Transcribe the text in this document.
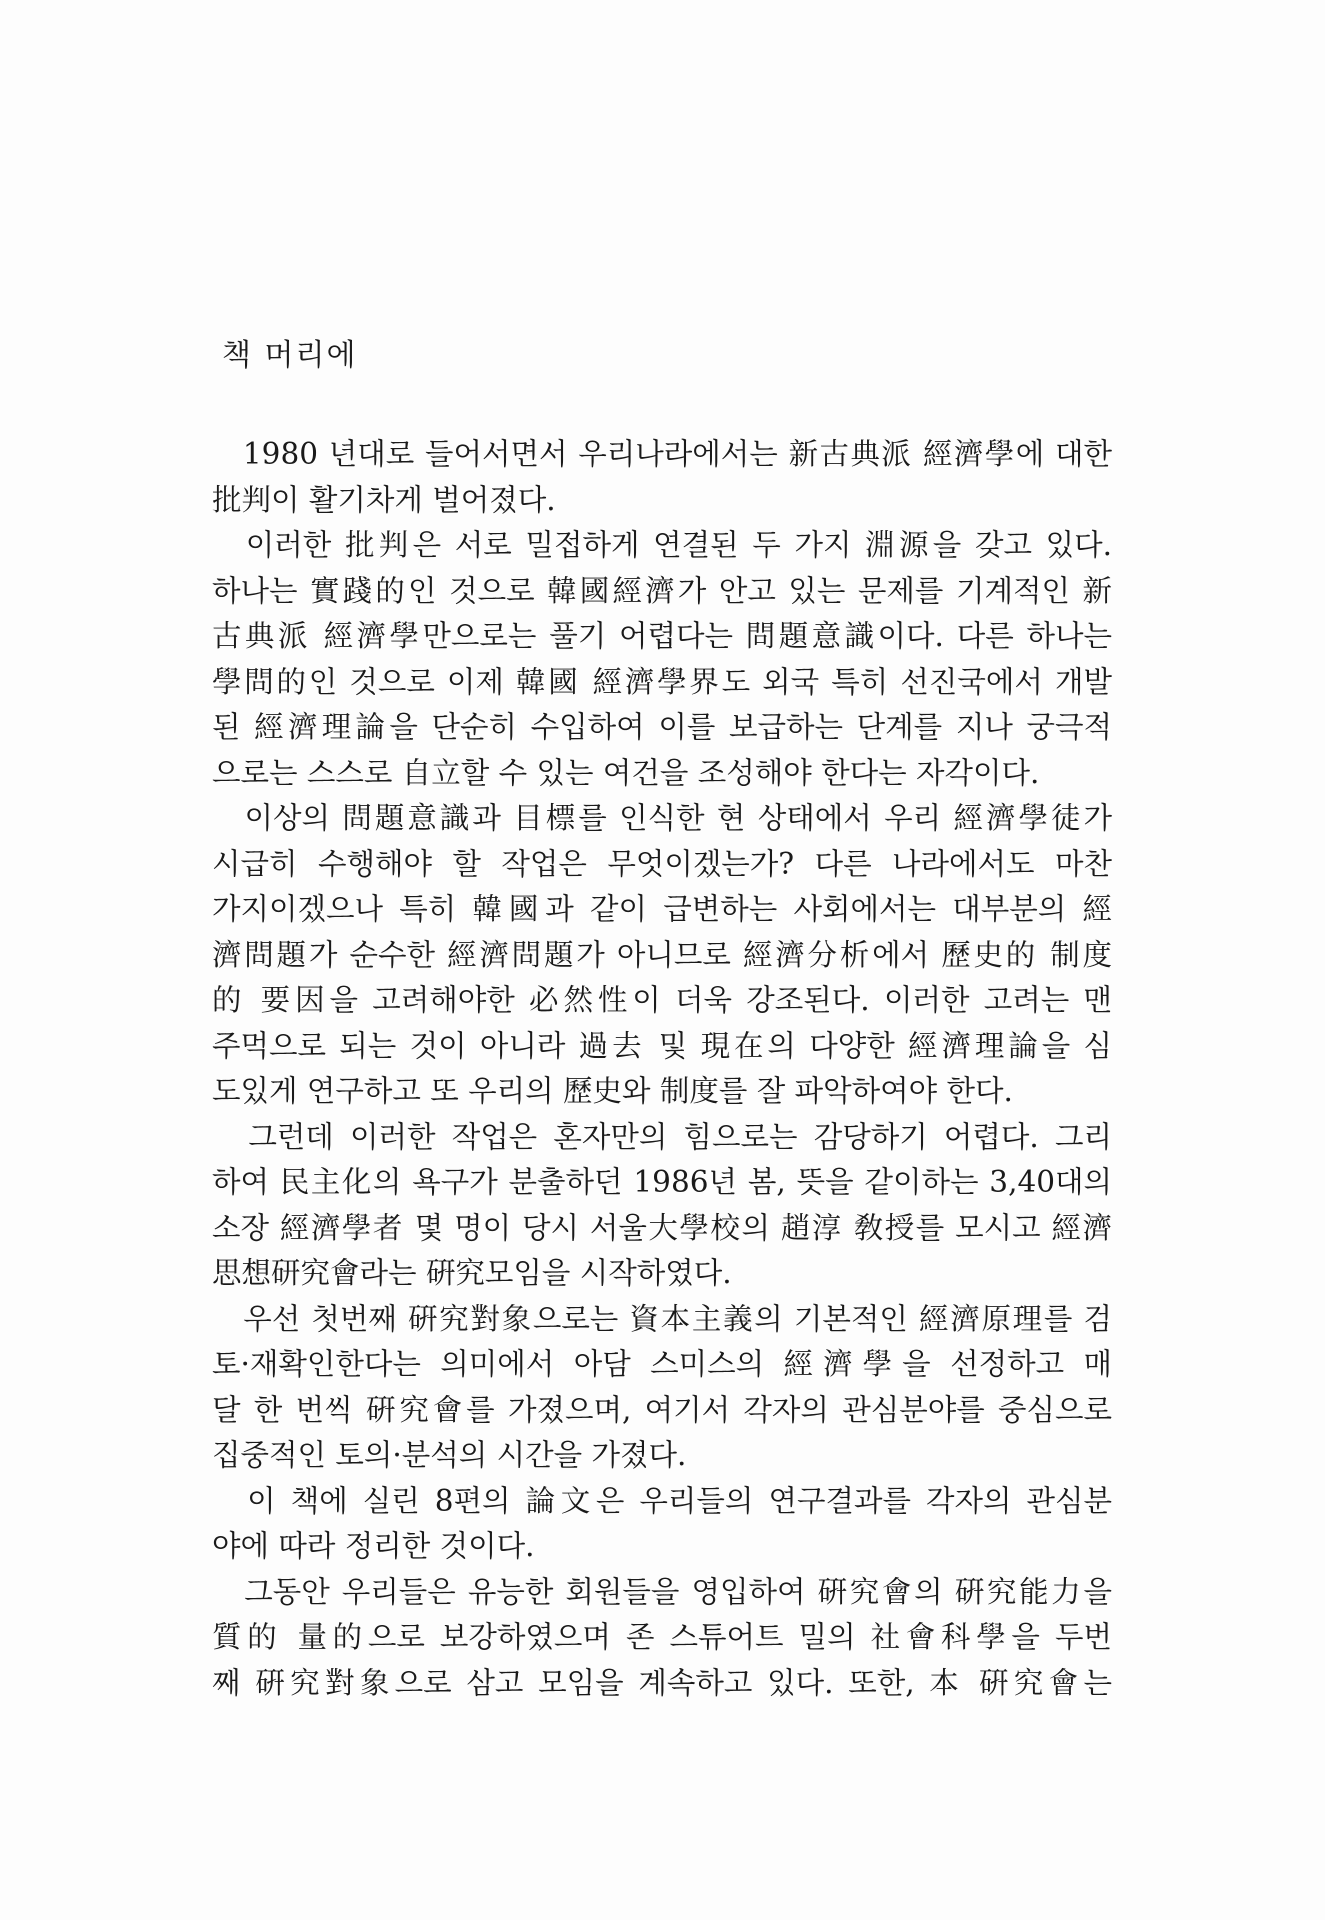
책 머리에
　1980 년대로 들어서면서 우리나라에서는 新古典派 經濟學에 대한
批判이 활기차게 벌어졌다.
　이러한 批判은 서로 밀접하게 연결된 두 가지 淵源을 갖고 있다.
하나는 實踐的인 것으로 韓國經濟가 안고 있는 문제를 기계적인 新
古典派 經濟學만으로는 풀기 어렵다는 問題意識이다. 다른 하나는
學問的인 것으로 이제 韓國 經濟學界도 외국 특히 선진국에서 개발
된 經濟理論을 단순히 수입하여 이를 보급하는 단계를 지나 궁극적
으로는 스스로 自立할 수 있는 여건을 조성해야 한다는 자각이다.
　이상의 問題意識과 目標를 인식한 현 상태에서 우리 經濟學徒가
시급히 수행해야 할 작업은 무엇이겠는가? 다른 나라에서도 마찬
가지이겠으나 특히 韓國과 같이 급변하는 사회에서는 대부분의 經
濟問題가 순수한 經濟問題가 아니므로 經濟分析에서 歷史的 制度
的 要因을 고려해야한 必然性이 더욱 강조된다. 이러한 고려는 맨
주먹으로 되는 것이 아니라 過去 및 現在의 다양한 經濟理論을 심
도있게 연구하고 또 우리의 歷史와 制度를 잘 파악하여야 한다.
　그런데 이러한 작업은 혼자만의 힘으로는 감당하기 어렵다. 그리
하여 民主化의 욕구가 분출하던 1986년 봄, 뜻을 같이하는 3,40대의
소장 經濟學者 몇 명이 당시 서울大學校의 趙淳 敎授를 모시고 經濟
思想研究會라는 硏究모임을 시작하였다.
　우선 첫번째 硏究對象으로는 資本主義의 기본적인 經濟原理를 검
토·재확인한다는 의미에서 아담 스미스의 經濟學을 선정하고 매
달 한 번씩 硏究會를 가졌으며, 여기서 각자의 관심분야를 중심으로
집중적인 토의·분석의 시간을 가졌다.
　이 책에 실린 8편의 論文은 우리들의 연구결과를 각자의 관심분
야에 따라 정리한 것이다.
　그동안 우리들은 유능한 회원들을 영입하여 硏究會의 硏究能力을
質的 量的으로 보강하였으며 존 스튜어트 밀의 社會科學을 두번
째 硏究對象으로 삼고 모임을 계속하고 있다. 또한, 本 硏究會는
